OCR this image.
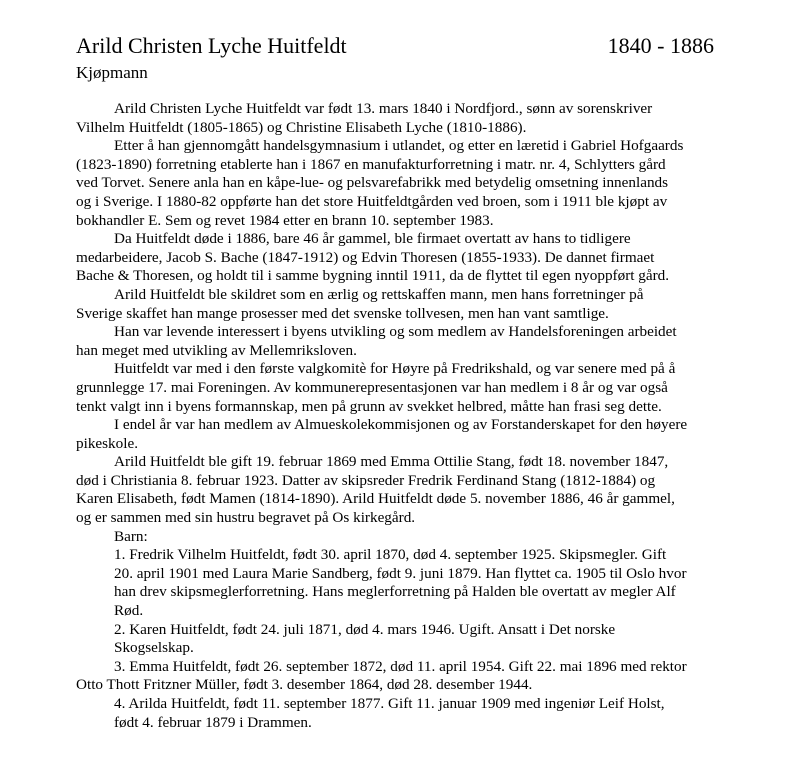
Arild Christen Lyche Huitfeldt	1840 - 1886
Kjøpmann

Arild Christen Lyche Huitfeldt var født 13. mars 1840 i Nordfjord., sønn av sorenskriver

Vilhelm Huitfeldt (1805-1865) og Christine Elisabeth Lyche (1810-1886).

Etter å han gjennomgått handelsgymnasium i utlandet, og etter en læretid i Gabriel Hofgaards

(1823-1890) forretning etablerte han i 1867 en manufakturforretning i matr. nr. 4, Schlytters gård

ved Torvet. Senere anla han en kåpe-lue- og pelsvarefabrikk med betydelig omsetning innenlands

og i Sverige. I 1880-82 oppførte han det store Huitfeldtgården ved broen, som i 1911 ble kjøpt av

bokhandler E. Sem og revet 1984 etter en brann 10. september 1983.

Da Huitfeldt døde i 1886, bare 46 år gammel, ble firmaet overtatt av hans to tidligere

medarbeidere, Jacob S. Bache (1847-1912) og Edvin Thoresen (1855-1933). De dannet firmaet

Bache & Thoresen, og holdt til i samme bygning inntil 1911, da de flyttet til egen nyoppført gård.

Arild Huitfeldt ble skildret som en ærlig og rettskaffen mann, men hans forretninger på

Sverige skaffet han mange prosesser med det svenske tollvesen, men han vant samtlige.

Han var levende interessert i byens utvikling og som medlem av Handelsforeningen arbeidet

han meget med utvikling av Mellemriksloven.

Huitfeldt var med i den første valgkomitè for Høyre på Fredrikshald, og var senere med på å

grunnlegge 17. mai Foreningen. Av kommunerepresentasjonen var han medlem i 8 år og var også

tenkt valgt inn i byens formannskap, men på grunn av svekket helbred, måtte han frasi seg dette.

I endel år var han medlem av Almueskolekommisjonen og av Forstanderskapet for den høyere

pikeskole.

Arild Huitfeldt ble gift 19. februar 1869 med Emma Ottilie Stang, født 18. november 1847,

død i Christiania 8. februar 1923. Datter av skipsreder Fredrik Ferdinand Stang (1812-1884) og

Karen Elisabeth, født Mamen (1814-1890). Arild Huitfeldt døde 5. november 1886, 46 år gammel,

og er sammen med sin hustru begravet på Os kirkegård.

Barn:

1. Fredrik Vilhelm Huitfeldt, født 30. april 1870, død 4. september 1925. Skipsmegler. Gift

20. april 1901 med Laura Marie Sandberg, født 9. juni 1879. Han flyttet ca. 1905 til Oslo hvor

han drev skipsmeglerforretning. Hans meglerforretning på Halden ble overtatt av megler Alf

Rød.

2. Karen Huitfeldt, født 24. juli 1871, død 4. mars 1946. Ugift. Ansatt i Det norske

Skogselskap.

3. Emma Huitfeldt, født 26. september 1872, død 11. april 1954. Gift 22. mai 1896 med rektor

Otto Thott Fritzner Müller, født 3. desember 1864, død 28. desember 1944.

4. Arilda Huitfeldt, født 11. september 1877. Gift 11. januar 1909 med ingeniør Leif Holst,

født 4. februar 1879 i Drammen.
